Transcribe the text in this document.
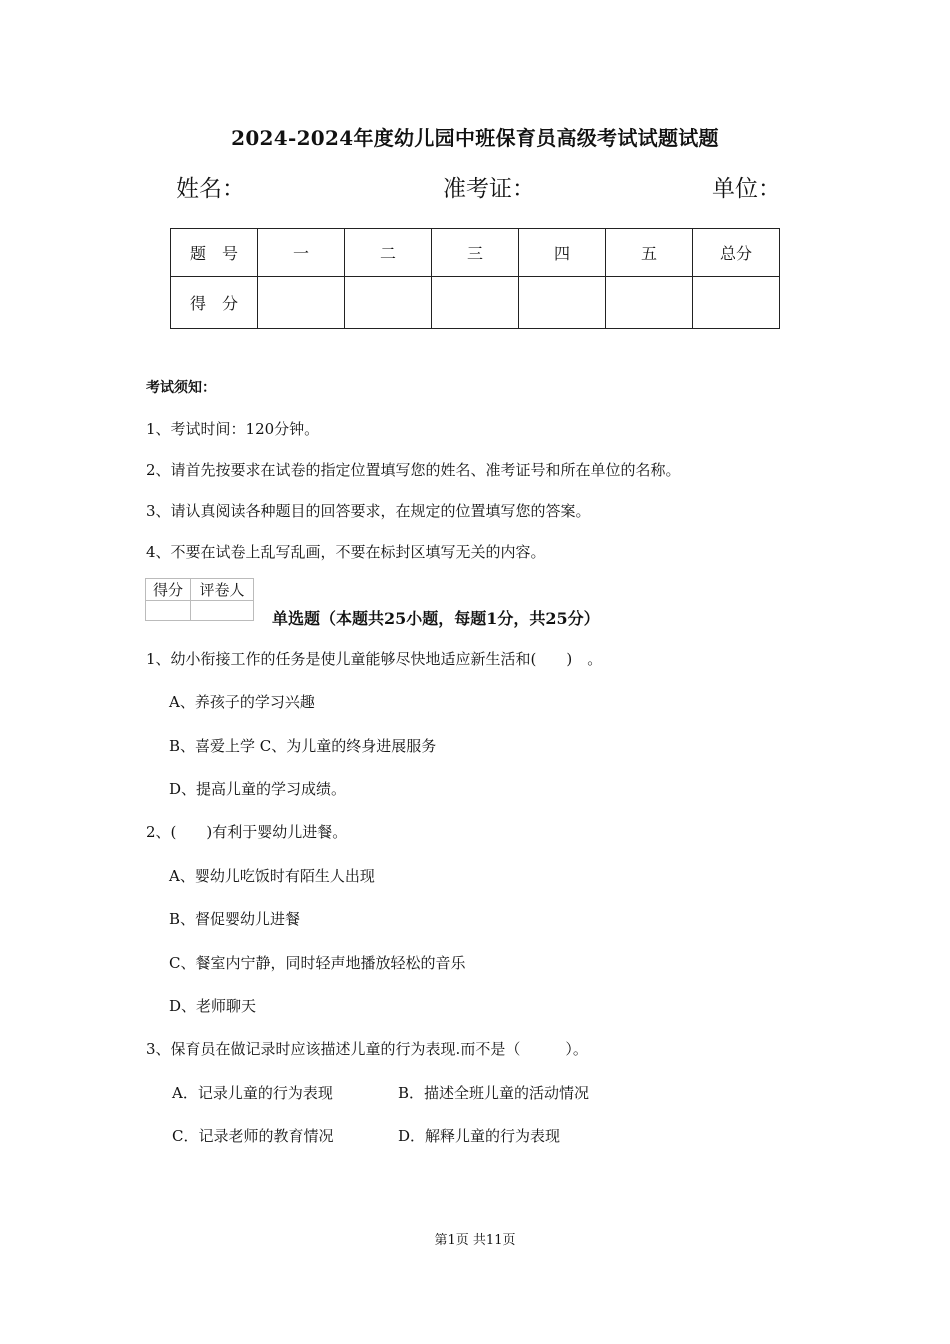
2024-2024年度幼儿园中班保育员高级考试试题试题
姓名：	准考证：	单位：
题　号	一	二	三	四	五	总分
得　分						
考试须知：
1、考试时间：120分钟。
2、请首先按要求在试卷的指定位置填写您的姓名、准考证号和所在单位的名称。
3、请认真阅读各种题目的回答要求，在规定的位置填写您的答案。
4、不要在试卷上乱写乱画，不要在标封区填写无关的内容。
得分	评卷人

单选题（本题共25小题，每题1分，共25分）
1、幼小衔接工作的任务是使儿童能够尽快地适应新生活和(　　)　。
A、养孩子的学习兴趣
B、喜爱上学 C、为儿童的终身进展服务
D、提高儿童的学习成绩。
2、(　　)有利于婴幼儿进餐。
A、婴幼儿吃饭时有陌生人出现
B、督促婴幼儿进餐
C、餐室内宁静，同时轻声地播放轻松的音乐
D、老师聊天
3、保育员在做记录时应该描述儿童的行为表现.而不是（　　　）。
A．记录儿童的行为表现	B．描述全班儿童的活动情况
C．记录老师的教育情况	D．解释儿童的行为表现
第1页 共11页
